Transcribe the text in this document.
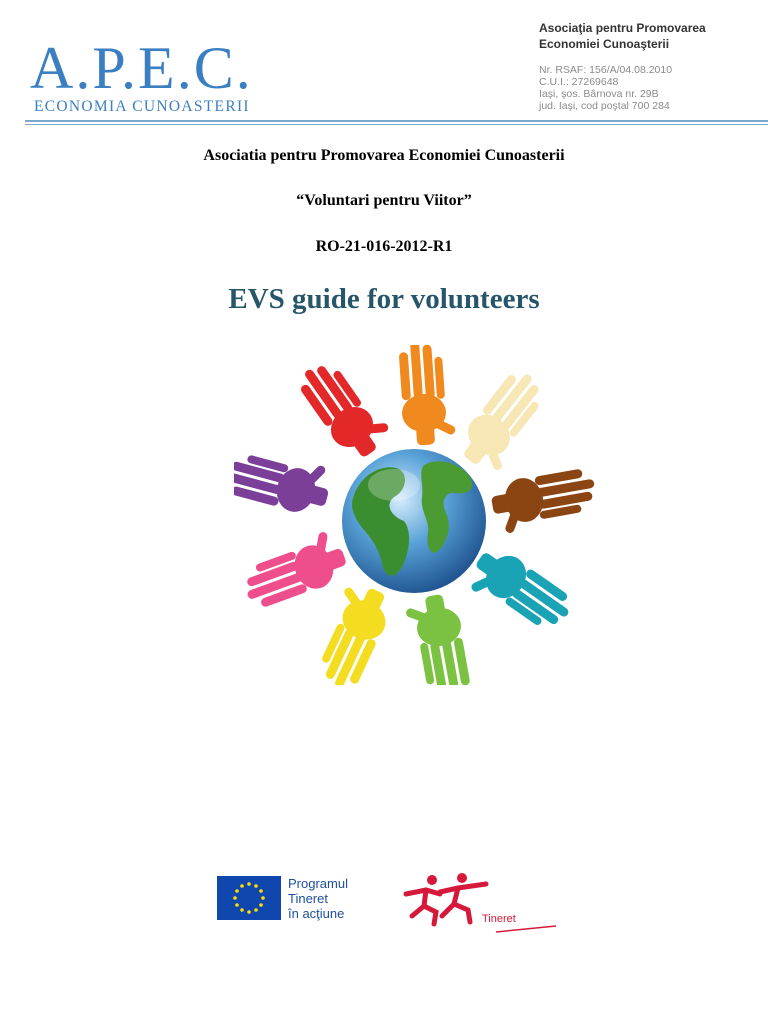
A.P.E.C.
ECONOMIA CUNOASTERII
Asociaţia pentru Promovarea
Economiei Cunoaşterii
Nr. RSAF: 156/A/04.08.2010
C.U.I.: 27269648
Iaşi, şos. Bârnova nr. 29B
jud. Iaşi, cod poştal 700 284
Asociatia pentru Promovarea Economiei Cunoasterii
“Voluntari pentru Viitor”
RO-21-016-2012-R1
EVS guide for volunteers
Programul
Tineret
în acţiune	Tineret
